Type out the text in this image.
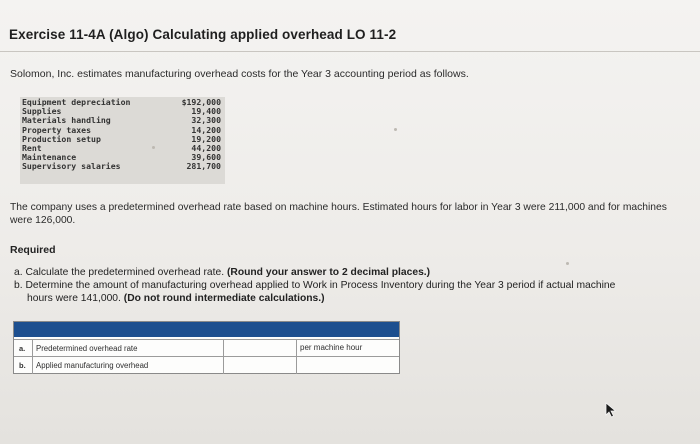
Exercise 11-4A (Algo) Calculating applied overhead LO 11-2
Solomon, Inc. estimates manufacturing overhead costs for the Year 3 accounting period as follows.
Equipment depreciation	$192,000
Supplies	19,400
Materials handling	32,300
Property taxes	14,200
Production setup	19,200
Rent	44,200
Maintenance	39,600
Supervisory salaries	281,700
The company uses a predetermined overhead rate based on machine hours. Estimated hours for labor in Year 3 were 211,000 and for machines were 126,000.
Required
a. Calculate the predetermined overhead rate. (Round your answer to 2 decimal places.)
b. Determine the amount of manufacturing overhead applied to Work in Process Inventory during the Year 3 period if actual machine
hours were 141,000. (Do not round intermediate calculations.)
a. Predetermined overhead rate	per machine hour
b. Applied manufacturing overhead
